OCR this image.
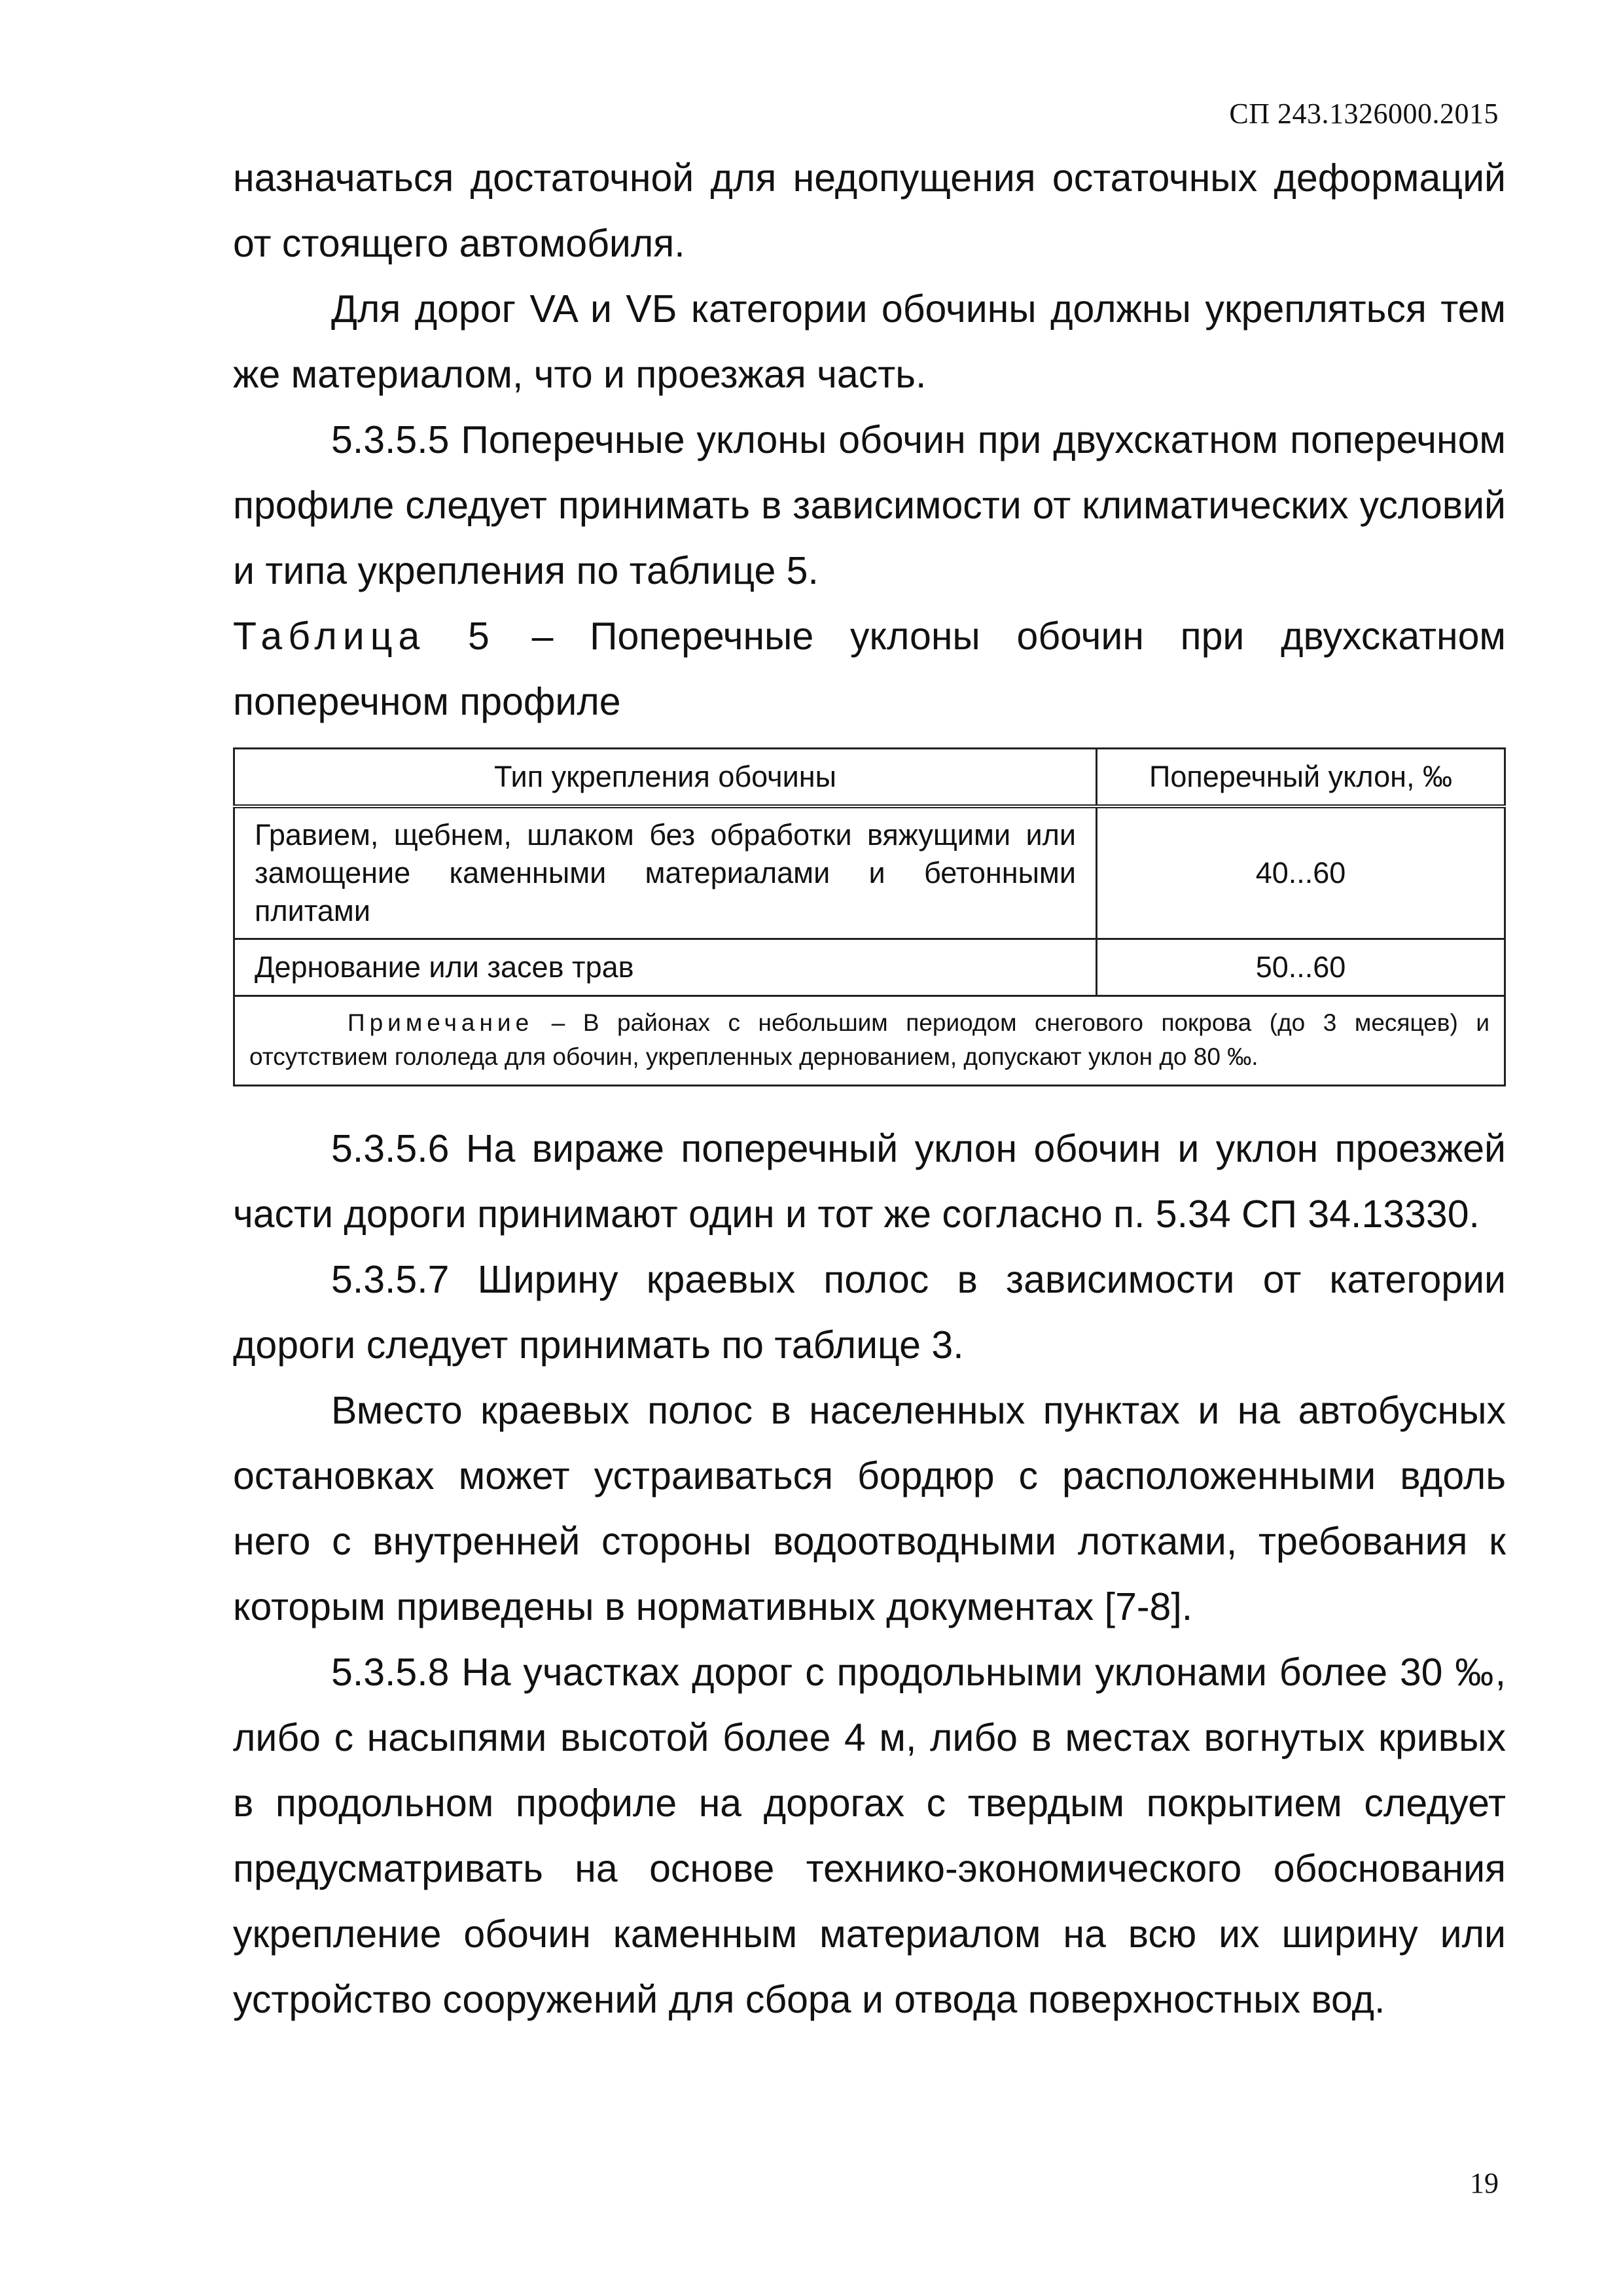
СП 243.1326000.2015

назначаться достаточной для недопущения остаточных деформаций от стоящего автомобиля.

Для дорог VA и VБ категории обочины должны укрепляться тем же материалом, что и проезжая часть.

5.3.5.5 Поперечные уклоны обочин при двухскатном поперечном профиле следует принимать в зависимости от климатических условий и типа укрепления по таблице 5.

Таблица 5 – Поперечные уклоны обочин при двухскатном поперечном профиле

Тип укрепления обочины	Поперечный уклон, ‰
Гравием, щебнем, шлаком без обработки вяжущими или замощение каменными материалами и бетонными плитами	40...60
Дернование или засев трав	50...60
Примечание – В районах с небольшим периодом снегового покрова (до 3 месяцев) и отсутствием гололеда для обочин, укрепленных дернованием, допускают уклон до 80 ‰.	

5.3.5.6 На вираже поперечный уклон обочин и уклон проезжей части дороги принимают один и тот же согласно п. 5.34 СП 34.13330.

5.3.5.7 Ширину краевых полос в зависимости от категории дороги следует принимать по таблице 3.

Вместо краевых полос в населенных пунктах и на автобусных остановках может устраиваться бордюр с расположенными вдоль него с внутренней стороны водоотводными лотками, требования к которым приведены в нормативных документах [7-8].

5.3.5.8 На участках дорог с продольными уклонами более 30 ‰, либо с насыпями высотой более 4 м, либо в местах вогнутых кривых в продольном профиле на дорогах с твердым покрытием следует предусматривать на основе технико-экономического обоснования укрепление обочин каменным материалом на всю их ширину или устройство сооружений для сбора и отвода поверхностных вод.

19
